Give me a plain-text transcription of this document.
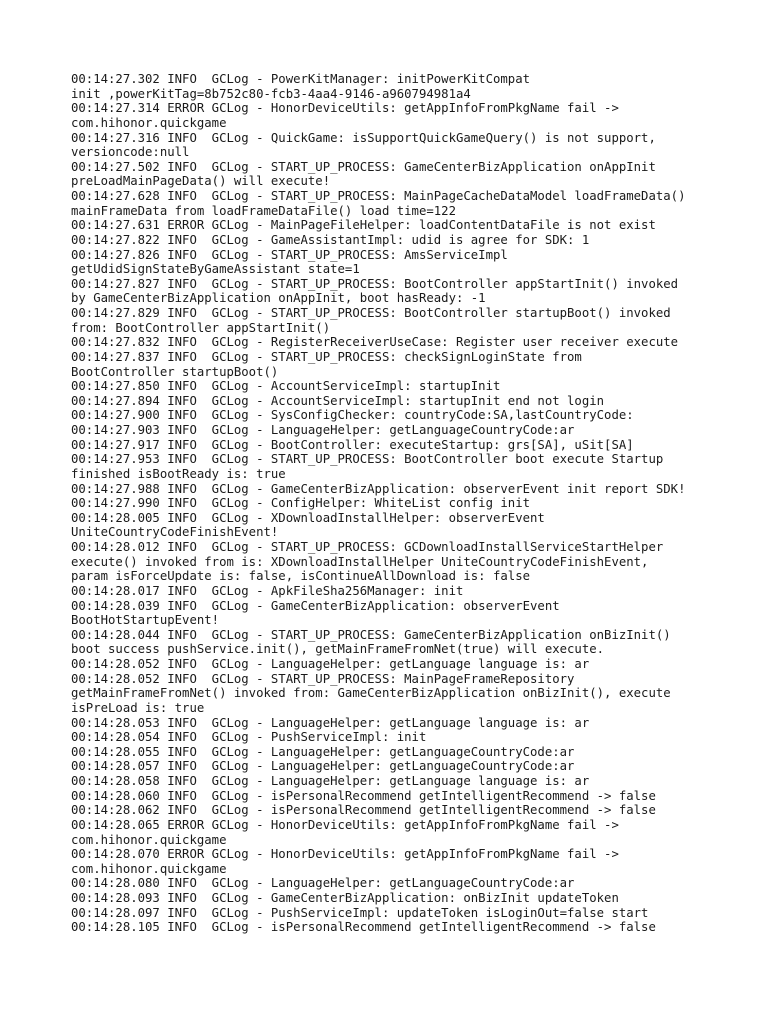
00:14:27.302 INFO  GCLog - PowerKitManager: initPowerKitCompat
init ,powerKitTag=8b752c80-fcb3-4aa4-9146-a960794981a4
00:14:27.314 ERROR GCLog - HonorDeviceUtils: getAppInfoFromPkgName fail ->
com.hihonor.quickgame
00:14:27.316 INFO  GCLog - QuickGame: isSupportQuickGameQuery() is not support,
versioncode:null
00:14:27.502 INFO  GCLog - START_UP_PROCESS: GameCenterBizApplication onAppInit
preLoadMainPageData() will execute!
00:14:27.628 INFO  GCLog - START_UP_PROCESS: MainPageCacheDataModel loadFrameData()
mainFrameData from loadFrameDataFile() load time=122
00:14:27.631 ERROR GCLog - MainPageFileHelper: loadContentDataFile is not exist
00:14:27.822 INFO  GCLog - GameAssistantImpl: udid is agree for SDK: 1
00:14:27.826 INFO  GCLog - START_UP_PROCESS: AmsServiceImpl
getUdidSignStateByGameAssistant state=1
00:14:27.827 INFO  GCLog - START_UP_PROCESS: BootController appStartInit() invoked
by GameCenterBizApplication onAppInit, boot hasReady: -1
00:14:27.829 INFO  GCLog - START_UP_PROCESS: BootController startupBoot() invoked
from: BootController appStartInit()
00:14:27.832 INFO  GCLog - RegisterReceiverUseCase: Register user receiver execute
00:14:27.837 INFO  GCLog - START_UP_PROCESS: checkSignLoginState from
BootController startupBoot()
00:14:27.850 INFO  GCLog - AccountServiceImpl: startupInit
00:14:27.894 INFO  GCLog - AccountServiceImpl: startupInit end not login
00:14:27.900 INFO  GCLog - SysConfigChecker: countryCode:SA,lastCountryCode:
00:14:27.903 INFO  GCLog - LanguageHelper: getLanguageCountryCode:ar
00:14:27.917 INFO  GCLog - BootController: executeStartup: grs[SA], uSit[SA]
00:14:27.953 INFO  GCLog - START_UP_PROCESS: BootController boot execute Startup
finished isBootReady is: true
00:14:27.988 INFO  GCLog - GameCenterBizApplication: observerEvent init report SDK!
00:14:27.990 INFO  GCLog - ConfigHelper: WhiteList config init
00:14:28.005 INFO  GCLog - XDownloadInstallHelper: observerEvent
UniteCountryCodeFinishEvent!
00:14:28.012 INFO  GCLog - START_UP_PROCESS: GCDownloadInstallServiceStartHelper
execute() invoked from is: XDownloadInstallHelper UniteCountryCodeFinishEvent,
param isForceUpdate is: false, isContinueAllDownload is: false
00:14:28.017 INFO  GCLog - ApkFileSha256Manager: init
00:14:28.039 INFO  GCLog - GameCenterBizApplication: observerEvent
BootHotStartupEvent!
00:14:28.044 INFO  GCLog - START_UP_PROCESS: GameCenterBizApplication onBizInit()
boot success pushService.init(), getMainFrameFromNet(true) will execute.
00:14:28.052 INFO  GCLog - LanguageHelper: getLanguage language is: ar
00:14:28.052 INFO  GCLog - START_UP_PROCESS: MainPageFrameRepository
getMainFrameFromNet() invoked from: GameCenterBizApplication onBizInit(), execute
isPreLoad is: true
00:14:28.053 INFO  GCLog - LanguageHelper: getLanguage language is: ar
00:14:28.054 INFO  GCLog - PushServiceImpl: init
00:14:28.055 INFO  GCLog - LanguageHelper: getLanguageCountryCode:ar
00:14:28.057 INFO  GCLog - LanguageHelper: getLanguageCountryCode:ar
00:14:28.058 INFO  GCLog - LanguageHelper: getLanguage language is: ar
00:14:28.060 INFO  GCLog - isPersonalRecommend getIntelligentRecommend -> false
00:14:28.062 INFO  GCLog - isPersonalRecommend getIntelligentRecommend -> false
00:14:28.065 ERROR GCLog - HonorDeviceUtils: getAppInfoFromPkgName fail ->
com.hihonor.quickgame
00:14:28.070 ERROR GCLog - HonorDeviceUtils: getAppInfoFromPkgName fail ->
com.hihonor.quickgame
00:14:28.080 INFO  GCLog - LanguageHelper: getLanguageCountryCode:ar
00:14:28.093 INFO  GCLog - GameCenterBizApplication: onBizInit updateToken
00:14:28.097 INFO  GCLog - PushServiceImpl: updateToken isLoginOut=false start
00:14:28.105 INFO  GCLog - isPersonalRecommend getIntelligentRecommend -> false
